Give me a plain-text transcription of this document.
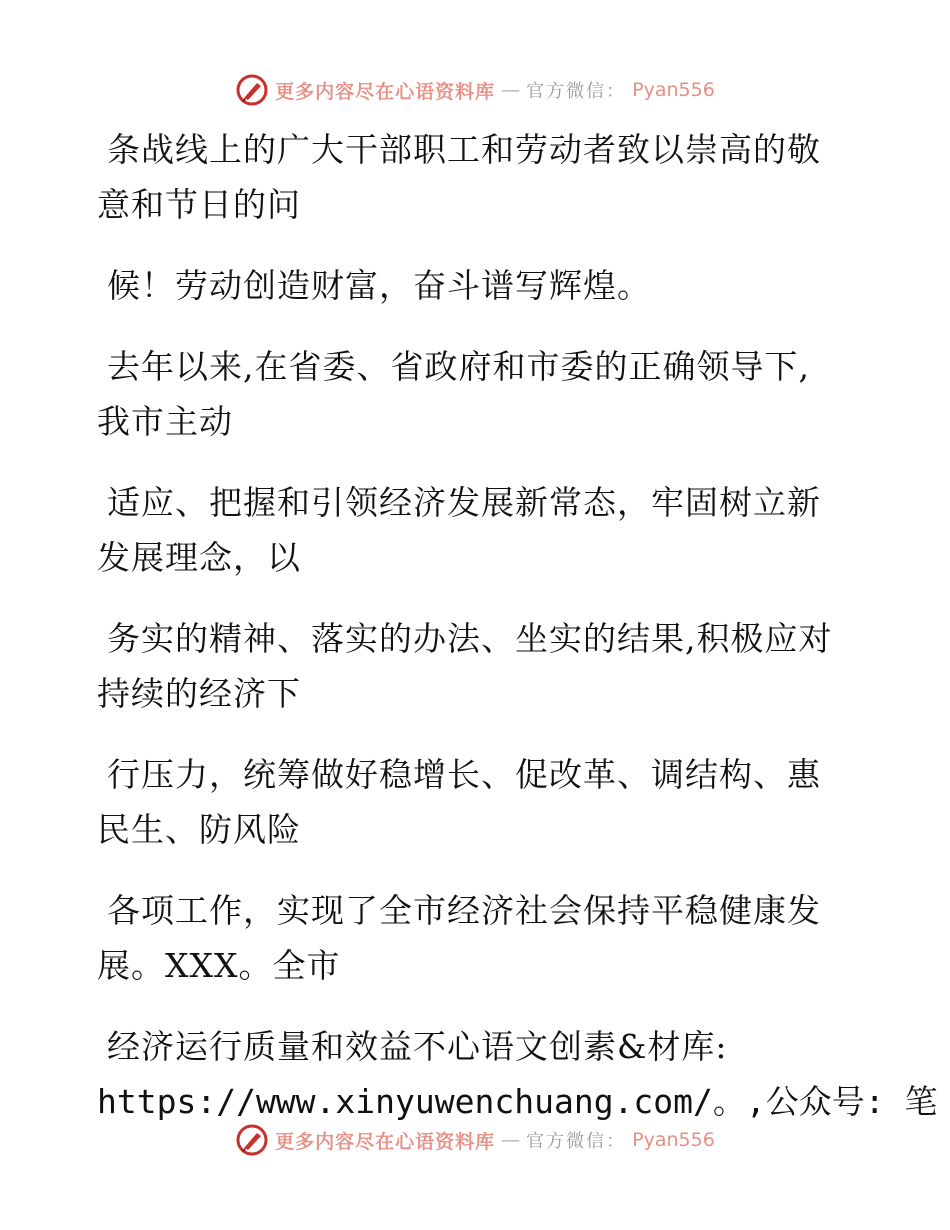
更多内容尽在心语资料库 — 官方微信： Pyan556

条战线上的广大干部职工和劳动者致以崇高的敬
意和节日的问

候！劳动创造财富，奋斗谱写辉煌。

去年以来,在省委、省政府和市委的正确领导下,
我市主动

适应、把握和引领经济发展新常态，牢固树立新
发展理念，以

务实的精神、落实的办法、坐实的结果,积极应对
持续的经济下

行压力，统筹做好稳增长、促改革、调结构、惠
民生、防风险

各项工作，实现了全市经济社会保持平稳健康发
展。XXX。全市

经济运行质量和效益不心语文创素&材库:
https://www.xinyuwenchuang.com/。,公众号: 笔

更多内容尽在心语资料库 — 官方微信： Pyan556
